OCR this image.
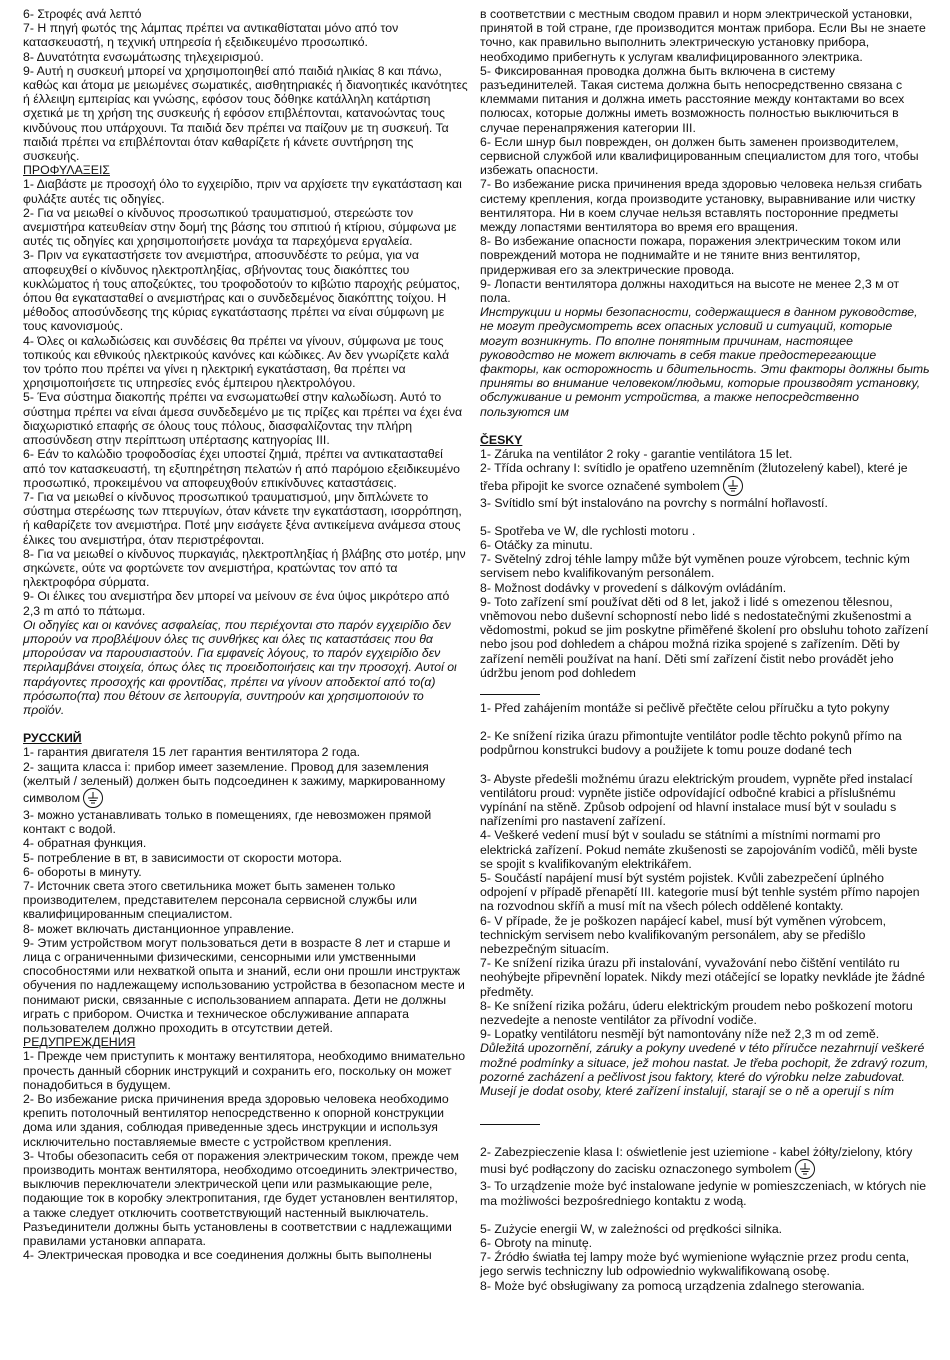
6- Στροφές ανά λεπτό
7- Η πηγή φωτός της λάμπας πρέπει να αντικαθίσταται μόνο από τον κατασκευαστή, η τεχνική υπηρεσία ή εξειδικευμένο προσωπικό.
8- Δυνατότητα ενσωμάτωσης τηλεχειρισμού.
9- Αυτή η συσκευή μπορεί να χρησιμοποιηθεί από παιδιά ηλικίας 8 και πάνω, καθώς και άτομα με μειωμένες σωματικές, αισθητηριακές ή διανοητικές ικανότητες ή έλλειψη εμπειρίας και γνώσης, εφόσον τους δόθηκε κατάλληλη κατάρτιση σχετικά με τη χρήση της συσκευής ή εφόσον επιβλέπονται, κατανοώντας τους κινδύνους που υπάρχουνι. Τα παιδιά δεν πρέπει να παίζουν με τη συσκευή. Τα παιδιά πρέπει να επιβλέπονται όταν καθαρίζετε ή κάνετε συντήρηση της συσκευής.

ΠΡΟΦΥΛΑΞΕΙΣ

1- Διαβάστε με προσοχή όλο το εγχειρίδιο, πριν να αρχίσετε την εγκατάσταση και φυλάξτε αυτές τις οδηγίες.
2- Για να μειωθεί ο κίνδυνος προσωπικού τραυματισμού, στερεώστε τον ανεμιστήρα κατευθείαν στην δομή της βάσης του σπιτιού ή κτίριου, σύμφωνα με αυτές τις οδηγίες και χρησιμοποιήσετε μονάχα τα παρεχόμενα εργαλεία.
3- Πριν να εγκαταστήσετε τον ανεμιστήρα, αποσυνδέστε το ρεύμα, για να αποφευχθεί ο κίνδυνος ηλεκτροπληξίας, σβήνοντας τους διακόπτες του κυκλώματος ή τους αποζεύκτες, του τροφοδοτούν το κιβώτιο παροχής ρεύματος, όπου θα εγκατασταθεί ο ανεμιστήρας και ο συνδεδεμένος διακόπτης τοίχου. Η μέθοδος αποσύνδεσης της κύριας εγκατάστασης πρέπει να είναι σύμφωνη με τους κανονισμούς.
4- Όλες οι καλωδιώσεις και συνδέσεις θα πρέπει να γίνουν, σύμφωνα με τους τοπικούς και εθνικούς ηλεκτρικούς κανόνες και κώδικες. Αν δεν γνωρίζετε καλά τον τρόπο που πρέπει να γίνει η ηλεκτρική εγκατάσταση, θα πρέπει να χρησιμοποιήσετε τις υπηρεσίες ενός έμπειρου ηλεκτρολόγου.
5- Ένα σύστημα διακοπής πρέπει να ενσωματωθεί στην καλωδίωση. Αυτό το σύστημα πρέπει να είναι άμεσα συνδεδεμένο με τις πρίζες και πρέπει να έχει ένα διαχωριστικό επαφής σε όλους τους πόλους, διασφαλίζοντας την πλήρη αποσύνδεση στην περίπτωση υπέρτασης κατηγορίας III.
6- Εάν το καλώδιο τροφοδοσίας έχει υποστεί ζημιά, πρέπει να αντικατασταθεί από τον κατασκευαστή, τη εξυπηρέτηση πελατών ή από παρόμοιο εξειδικευμένο προσωπικό, προκειμένου να αποφευχθούν επικίνδυνες καταστάσεις.
7- Για να μειωθεί ο κίνδυνος προσωπικού τραυματισμού, μην διπλώνετε το σύστημα στερέωσης των πτερυγίων, όταν κάνετε την εγκατάσταση, ισορρόπηση, ή καθαρίζετε τον ανεμιστήρα. Ποτέ μην εισάγετε ξένα αντικείμενα ανάμεσα στους έλικες του ανεμιστήρα, όταν περιστρέφονται.
8- Για να μειωθεί ο κίνδυνος πυρκαγιάς, ηλεκτροπληξίας ή βλάβης στο μοτέρ, μην σηκώνετε, ούτε να φορτώνετε τον ανεμιστήρα, κρατώντας τον από τα ηλεκτροφόρα σύρματα.
9- Οι έλικες του ανεμιστήρα δεν μπορεί να μείνουν σε ένα ύψος μικρότερο από 2,3 m από το πάτωμα.

Οι οδηγίες και οι κανόνες ασφαλείας, που περιέχονται στο παρόν εγχειρίδιο δεν μπορούν να προβλέψουν όλες τις συνθήκες και όλες τις καταστάσεις που θα μπορούσαν να παρουσιαστούν. Για εμφανείς λόγους, το παρόν εγχειρίδιο δεν περιλαμβάνει στοιχεία, όπως όλες τις προειδοποιήσεις και την προσοχή. Αυτοί οι παράγοντες προσοχής και φροντίδας, πρέπει να γίνουν αποδεκτοί από το(α) πρόσωπο(πα) που θέτουν σε λειτουργία, συντηρούν και χρησιμοποιούν το προϊόν.

РУССКИЙ

1- гарантия двигателя 15 лет гарантия вентилятора 2 года.

2- защита класса i: прибор имеет заземление. Провод для заземления (желтый / зеленый) должен быть подсоединен к зажиму, маркированному символом

3- можно устанавливать только в помещениях, где невозможен прямой контакт с водой.
4- обратная функция.
5- потребление в вт, в зависимости от скорости мотора.
6- обороты в минуту.
7- Источник света этого светильника может быть заменен только производителем, представителем персонала сервисной службы или квалифицированным специалистом.
8- может включать дистанционное управление.
9- Этим устройством могут пользоваться дети в возрасте 8 лет и старше и лица с ограниченными физическими, сенсорными или умственными способностями или нехваткой опыта и знаний, если они прошли инструктаж обучения по надлежащему использованию устройства в безопасном месте и понимают риски, связанные с использованием аппарата. Дети не должны играть с прибором. Очистка и техническое обслуживание аппарата пользователем должно проходить в отсутствии детей.

РЕДУПРЕЖДЕНИЯ

1- Прежде чем приступить к монтажу вентилятора, необходимо внимательно прочесть данный сборник инструкций и сохранить его, поскольку он может понадобиться в будущем.
2- Во избежание риска причинения вреда здоровью человека необходимо крепить потолочный вентилятор непосредственно к опорной конструкции дома или здания, соблюдая приведенные здесь инструкции и используя исключительно поставляемые вместе с устройством крепления.
3- Чтобы обезопасить себя от поражения электрическим током, прежде чем производить монтаж вентилятора, необходимо отсоединить электричество, выключив переключатели электрической цепи или размыкающие реле, подающие ток в коробку электропитания, где будет установлен вентилятор, а также следует отключить соответствующий настенный выключатель. Разъединители должны быть установлены в соответствии с надлежащими правилами установки аппарата.
4- Электрическая проводка и все соединения должны быть выполнены

в соответствии с местным сводом правил и норм электрической установки, принятой в той стране, где производится монтаж прибора. Если Вы не знаете точно, как правильно выполнить электрическую установку прибора, необходимо прибегнуть к услугам квалифицированного электрика.
5- Фиксированная проводка должна быть включена в систему разъединителей. Такая система должна быть непосредственно связана с клеммами питания и должна иметь расстояние между контактами во всех полюсах, которые должны иметь возможность полностью выключиться в случае перенапряжения категории III.
6- Если шнур был поврежден, он должен быть заменен производителем, сервисной службой или квалифицированным специалистом для того, чтобы избежать опасности.
7- Во избежание риска причинения вреда здоровью человека нельзя сгибать систему крепления, когда производите установку, выравнивание или чистку вентилятора. Ни в коем случае нельзя вставлять посторонние предметы между лопастями вентилятора во время его вращения.
8- Во избежание опасности пожара, поражения электрическим током или повреждений мотора не поднимайте и не тяните вниз вентилятор, придерживая его за электрические провода.
9- Лопасти вентилятора должны находиться на высоте не менее 2,3 м от пола.

Инструкции и нормы безопасности, содержащиеся в данном руководстве, не могут предусмотреть всех опасных условий и ситуаций, которые могут возникнуть. По вполне понятным причинам, настоящее руководство не может включать в себя такие предостерегающие факторы, как осторожность и бдительность. Эти факторы должны быть приняты во внимание человеком/людьми, которые производят установку, обслуживание и ремонт устройства, а также непосредственно пользуются им

ČESKY

1- Záruka na ventilátor 2 roky - garantie ventilátora 15 let.

2- Třída ochrany I: svítidlo je opatřeno uzemněním (žlutozelený kabel), které je třeba připojit ke svorce označené symbolem

3- Svítidlo smí být instalováno na povrchy s normální hořlavostí.

5- Spotřeba ve W, dle rychlosti motoru .
6- Otáčky za minutu.
7- Světelný zdroj téhle lampy může být vyměnen pouze výrobcem, technic kým servisem nebo kvalifikovaným personálem.
8- Možnost dodávky v provedení s dálkovým ovládáním.
9- Toto zařízení smí používat děti od 8 let, jakož i lidé s omezenou tělesnou, vněmovou nebo duševní schopností nebo lidé s nedostatečnými zkušenostmi a vědomostmi, pokud se jim poskytne přiměřené školení pro obsluhu tohoto zařízení nebo jsou pod dohledem a chápou možná rizika spojené s zařízením. Děti by zařízení neměli používat na haní. Děti smí zařízení čistit nebo provádět jeho údržbu jenom pod dohledem

1- Před zahájením montáže si pečlivě přečtěte celou příručku a tyto pokyny

2- Ke snížení rizika úrazu přimontujte ventilátor podle těchto pokynů přímo na podpůrnou konstrukci budovy a použijete k tomu pouze dodané tech

3- Abyste předešli možnému úrazu elektrickým proudem, vypněte před instalací ventilátoru proud: vypněte jističe odpovídající odbočné krabici a příslušnému vypínání na stěně. Způsob odpojení od hlavní instalace musí být v souladu s nařízeními pro nastavení zařízení.
4- Veškeré vedení musí být v souladu se státními a místními normami pro elektrická zařízení. Pokud nemáte zkušenosti se zapojováním vodičů, měli byste se spojit s kvalifikovaným elektrikářem.
5- Součástí napájení musí být systém pojistek. Kvůli zabezpečení úplného odpojení v případě přenapětí III. kategorie musí být tenhle systém přímo napojen na rozvodnou skříň a musí mít na všech pólech oddělené kontakty.
6- V případe, že je poškozen napájecí kabel, musí být vyměnen výrobcem, technickým servisem nebo kvalifikovaným personálem, aby se předišlo nebezpečným situacím.
7- Ke snížení rizika úrazu při instalování, vyvažování nebo čištění ventiláto ru neohýbejte připevnění lopatek. Nikdy mezi otáčející se lopatky nevkláde jte žádné předměty.
8- Ke snížení rizika požáru, úderu elektrickým proudem nebo poškození motoru nezvedejte a nenoste ventilátor za přívodní vodiče.
9- Lopatky ventilátoru nesmějí být namontovány níže než 2,3 m od země.

Důležitá upozornění, záruky a pokyny uvedené v této příručce nezahrnují veškeré možné podmínky a situace, jež mohou nastat. Je třeba pochopit, že zdravý rozum, pozorné zacházení a pečlivost jsou faktory, které do výrobku nelze zabudovat. Musejí je dodat osoby, které zařízení instalují, starají se o ně a operují s ním

2- Zabezpieczenie klasa I: oświetlenie jest uziemione - kabel żółty/zielony, który musi być podłączony do zacisku oznaczonego symbolem

3- To urządzenie może być instalowane jedynie w pomieszczeniach, w których nie ma możliwości bezpośredniego kontaktu z wodą.

5- Zużycie energii W, w zależności od prędkości silnika.
6- Obroty na minutę.
7- Źródło światła tej lampy może być wymienione wyłącznie przez produ centa, jego serwis techniczny lub odpowiednio wykwalifikowaną osobę.
8- Może być obsługiwany za pomocą urządzenia zdalnego sterowania.
